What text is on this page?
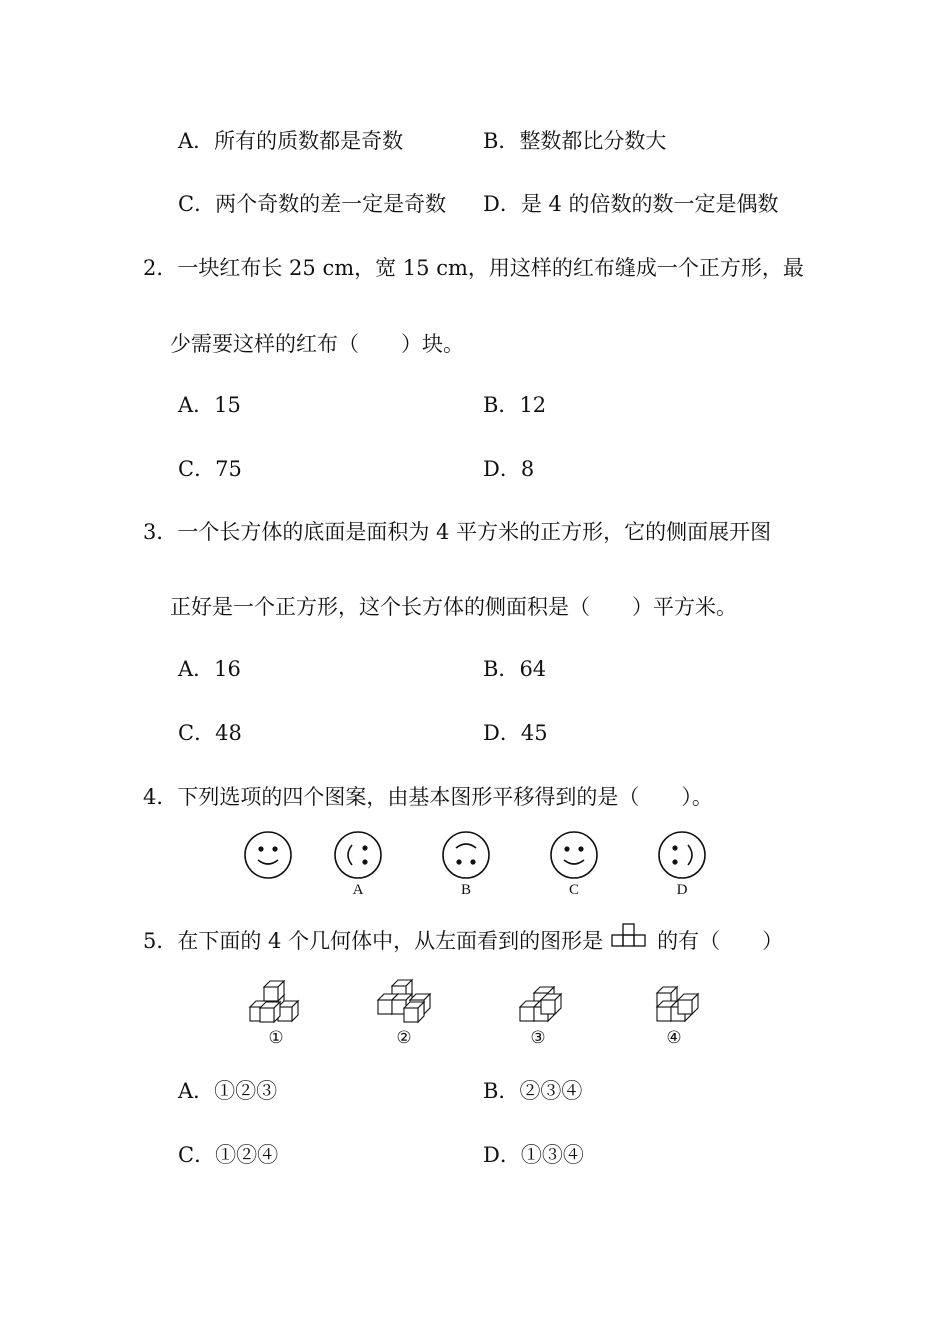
A．所有的质数都是奇数	B．整数都比分数大
C．两个奇数的差一定是奇数 D．是 4 的倍数的数一定是偶数
2．一块红布长 25 cm，宽 15 cm，用这样的红布缝成一个正方形，最
少需要这样的红布（　　）块。
A．15	B．12
C．75	D．8
3．一个长方体的底面是面积为 4 平方米的正方形，它的侧面展开图
正好是一个正方形，这个长方体的侧面积是（　　）平方米。
A．16	B．64
C．48	D．45
4．下列选项的四个图案，由基本图形平移得到的是（　　）。
A	B	C	D
5．在下面的 4 个几何体中，从左面看到的图形是	的有（　　）
①	②	③	④
A．①②③	B．②③④
C．①②④	D．①③④
